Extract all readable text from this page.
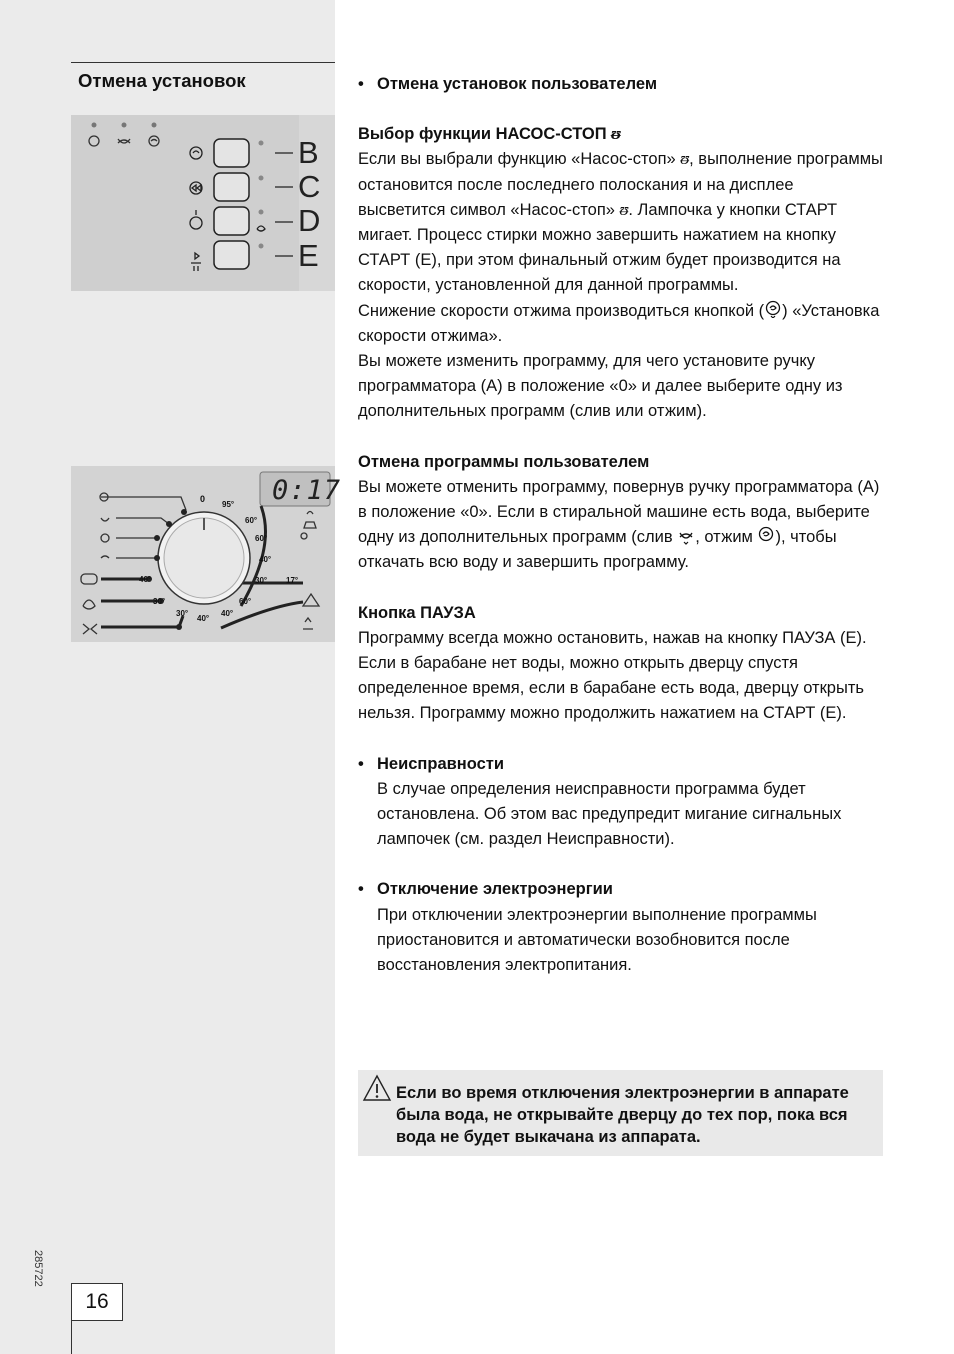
Отмена установок
B
C
D
E
0:17
0
95°
60°
60°
40°
30° 17°
40°
30°	60°
40°
30°
40°
285722
16

• Отмена установок пользователем

Выбор функции НАСОС-СТОП ᵿ

Если вы выбрали функцию «Насос-стоп» ᵿ, выполнение программы остановится после последнего полоскания и на дисплее высветится символ «Насос-стоп» ᵿ. Лампочка у кнопки СТАРТ мигает. Процесс стирки можно завершить нажатием на кнопку СТАРТ (Е), при этом финальный отжим будет производится на скорости, установленной для данной программы.

Снижение скорости отжима производиться кнопкой ( ) «Установка скорости отжима».

Вы можете изменить программу, для чего установите ручку программатора (А) в положение «0» и далее выберите одну из дополнительных программ (слив или отжим).

Отмена программы пользователем

Вы можете отменить программу, повернув ручку программатора (А) в положение «0». Если в стиральной машине есть вода, выберите одну из дополнительных программ (слив , отжим ), чтобы откачать всю воду и завершить программу.

Кнопка ПАУЗА

Программу всегда можно остановить, нажав на кнопку ПАУЗА (Е). Если в барабане нет воды, можно открыть дверцу спустя определенное время, если в барабане есть вода, дверцу открыть нельзя. Программу можно продолжить нажатием на СТАРТ (Е).

• Неисправности

В случае определения неисправности программа будет остановлена. Об этом вас предупредит мигание сигнальных лампочек (см. раздел Неисправности).

• Отключение электроэнергии

При отключении электроэнергии выполнение программы приостановится и автоматически возобновится после восстановления электропитания.

Если во время отключения электроэнергии в аппарате была вода, не открывайте дверцу до тех пор, пока вся вода не будет выкачана из аппарата.
